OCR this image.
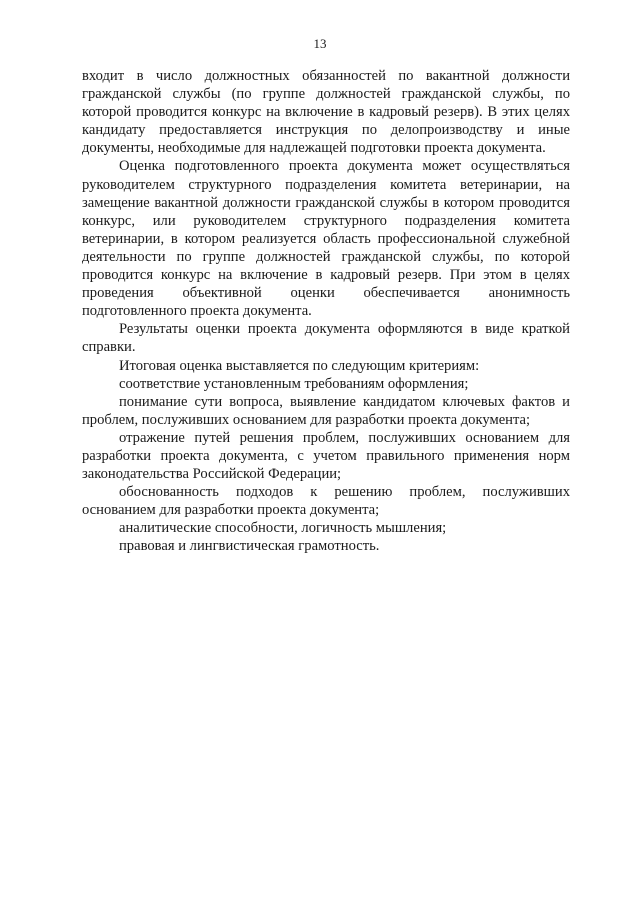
13

входит в число должностных обязанностей по вакантной должности гражданской службы (по группе должностей гражданской службы, по которой проводится конкурс на включение в кадровый резерв). В этих целях кандидату предоставляется инструкция по делопроизводству и иные документы, необходимые для надлежащей подготовки проекта документа.

Оценка подготовленного проекта документа может осуществляться руководителем структурного подразделения комитета ветеринарии, на замещение вакантной должности гражданской службы в котором проводится конкурс, или руководителем структурного подразделения комитета ветеринарии, в котором реализуется область профессиональной служебной деятельности по группе должностей гражданской службы, по которой проводится конкурс на включение в кадровый резерв. При этом в целях проведения объективной оценки обеспечивается анонимность подготовленного проекта документа.

Результаты оценки проекта документа оформляются в виде краткой справки.

Итоговая оценка выставляется по следующим критериям:

соответствие установленным требованиям оформления;

понимание сути вопроса, выявление кандидатом ключевых фактов и проблем, послуживших основанием для разработки проекта документа;

отражение путей решения проблем, послуживших основанием для разработки проекта документа, с учетом правильного применения норм законодательства Российской Федерации;

обоснованность подходов к решению проблем, послуживших основанием для разработки проекта документа;

аналитические способности, логичность мышления;

правовая и лингвистическая грамотность.
